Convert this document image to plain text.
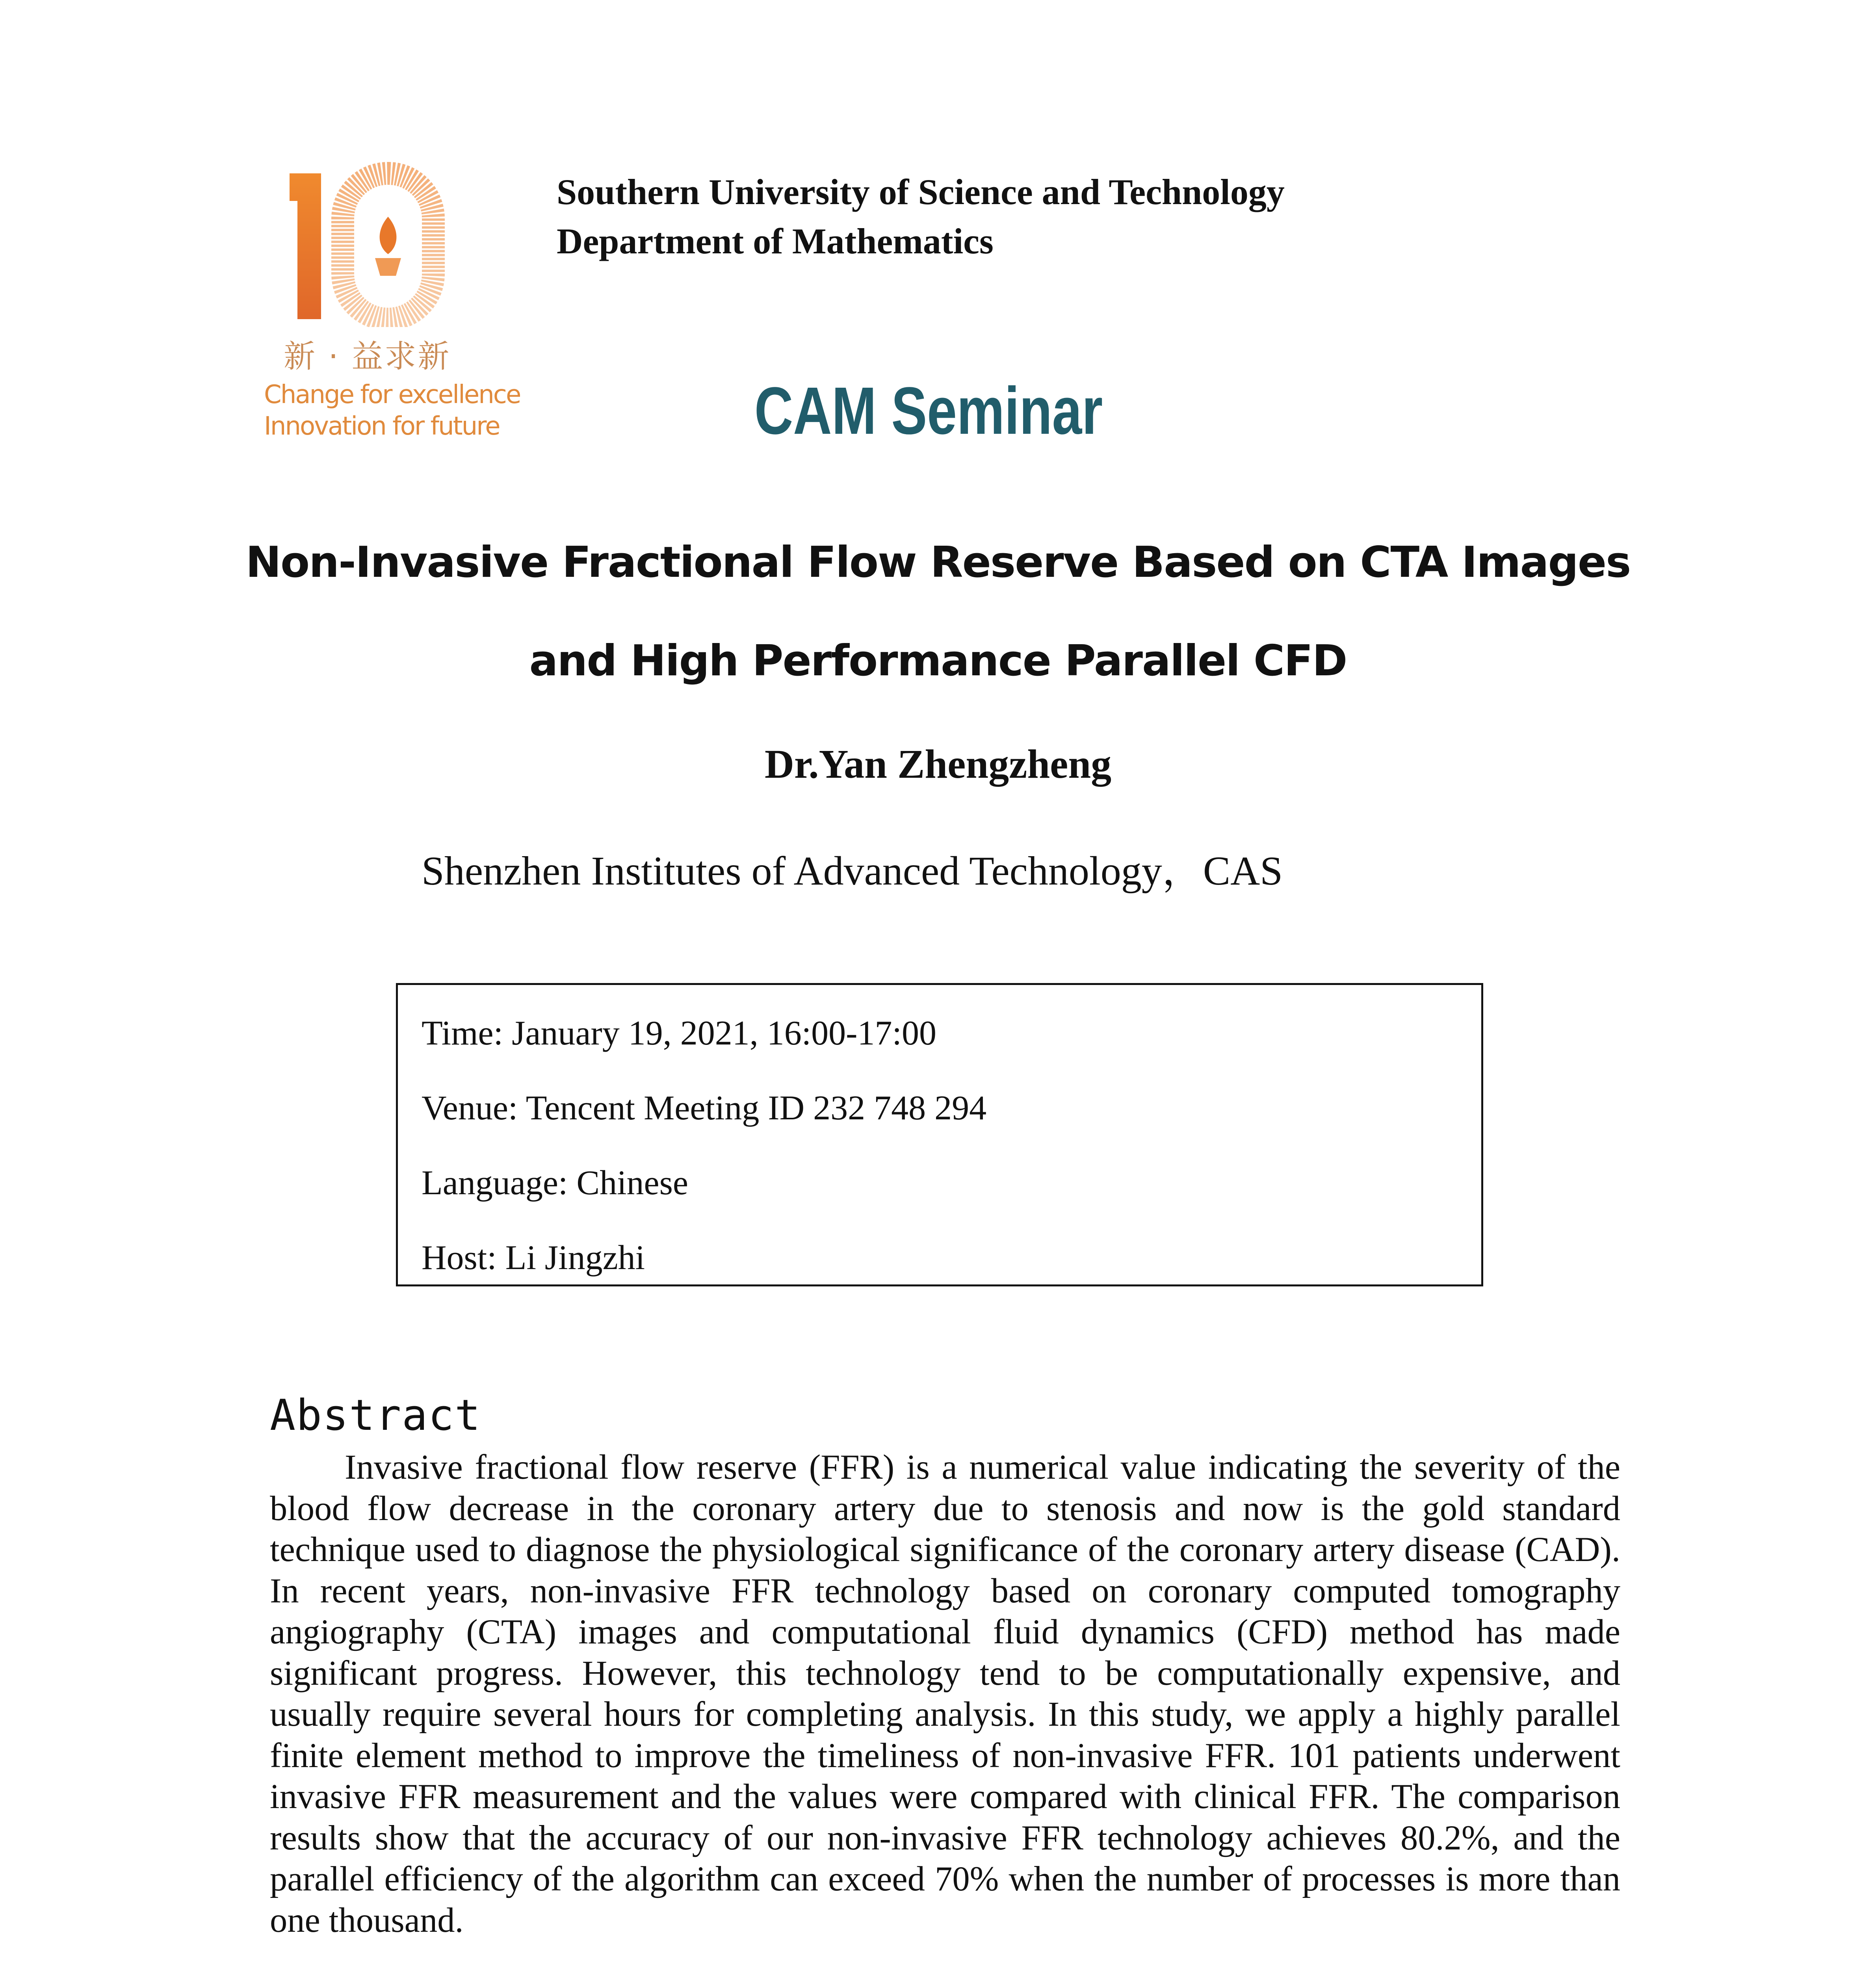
新 · 益求新
Change for excellence
Innovation for future
Southern University of Science and Technology
Department of Mathematics
CAM Seminar
Non-Invasive Fractional Flow Reserve Based on CTA Images
and High Performance Parallel CFD
Dr.Yan Zhengzheng
Shenzhen Institutes of Advanced Technology，CAS
Time: January 19, 2021, 16:00-17:00
Venue: Tencent Meeting ID 232 748 294
Language: Chinese
Host: Li Jingzhi
Abstract
Invasive fractional flow reserve (FFR) is a numerical value indicating the severity of the blood flow decrease in the coronary artery due to stenosis and now is the gold standard technique used to diagnose the physiological significance of the coronary artery disease (CAD). In recent years, non-invasive FFR technology based on coronary computed tomography angiography (CTA) images and computational fluid dynamics (CFD) method has made significant progress. However, this technology tend to be computationally expensive, and usually require several hours for completing analysis. In this study, we apply a highly parallel finite element method to improve the timeliness of non-invasive FFR. 101 patients underwent invasive FFR measurement and the values were compared with clinical FFR. The comparison results show that the accuracy of our non-invasive FFR technology achieves 80.2%, and the parallel efficiency of the algorithm can exceed 70% when the number of processes is more than one thousand.
